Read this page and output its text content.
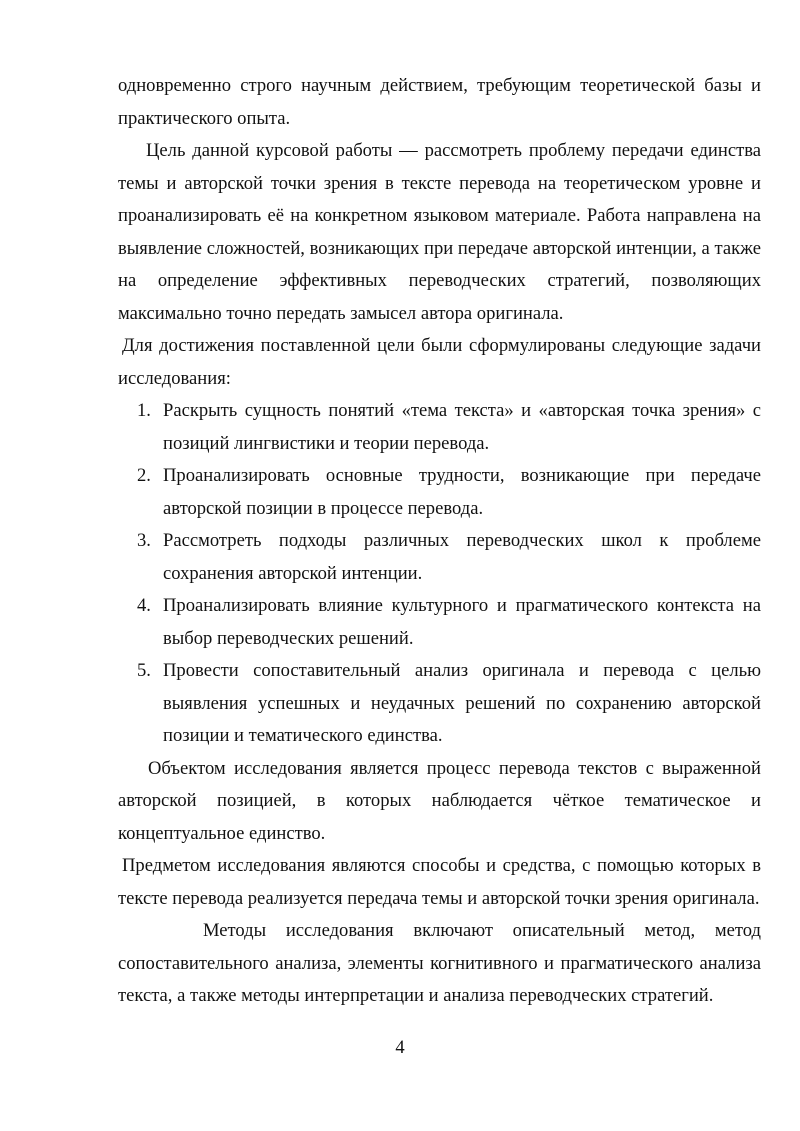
одновременно строго научным действием, требующим теоретической базы и практического опыта.

Цель данной курсовой работы — рассмотреть проблему передачи единства темы и авторской точки зрения в тексте перевода на теоретическом уровне и проанализировать её на конкретном языковом материале. Работа направлена на выявление сложностей, возникающих при передаче авторской интенции, а также на определение эффективных переводческих стратегий, позволяющих максимально точно передать замысел автора оригинала.

Для достижения поставленной цели были сформулированы следующие задачи исследования:

1. Раскрыть сущность понятий «тема текста» и «авторская точка зрения» с позиций лингвистики и теории перевода.
2. Проанализировать основные трудности, возникающие при передаче авторской позиции в процессе перевода.
3. Рассмотреть подходы различных переводческих школ к проблеме сохранения авторской интенции.
4. Проанализировать влияние культурного и прагматического контекста на выбор переводческих решений.
5. Провести сопоставительный анализ оригинала и перевода с целью выявления успешных и неудачных решений по сохранению авторской позиции и тематического единства.

Объектом исследования является процесс перевода текстов с выраженной авторской позицией, в которых наблюдается чёткое тематическое и концептуальное единство.

Предметом исследования являются способы и средства, с помощью которых в тексте перевода реализуется передача темы и авторской точки зрения оригинала.

Методы исследования включают описательный метод, метод сопоставительного анализа, элементы когнитивного и прагматического анализа текста, а также методы интерпретации и анализа переводческих стратегий.

4
